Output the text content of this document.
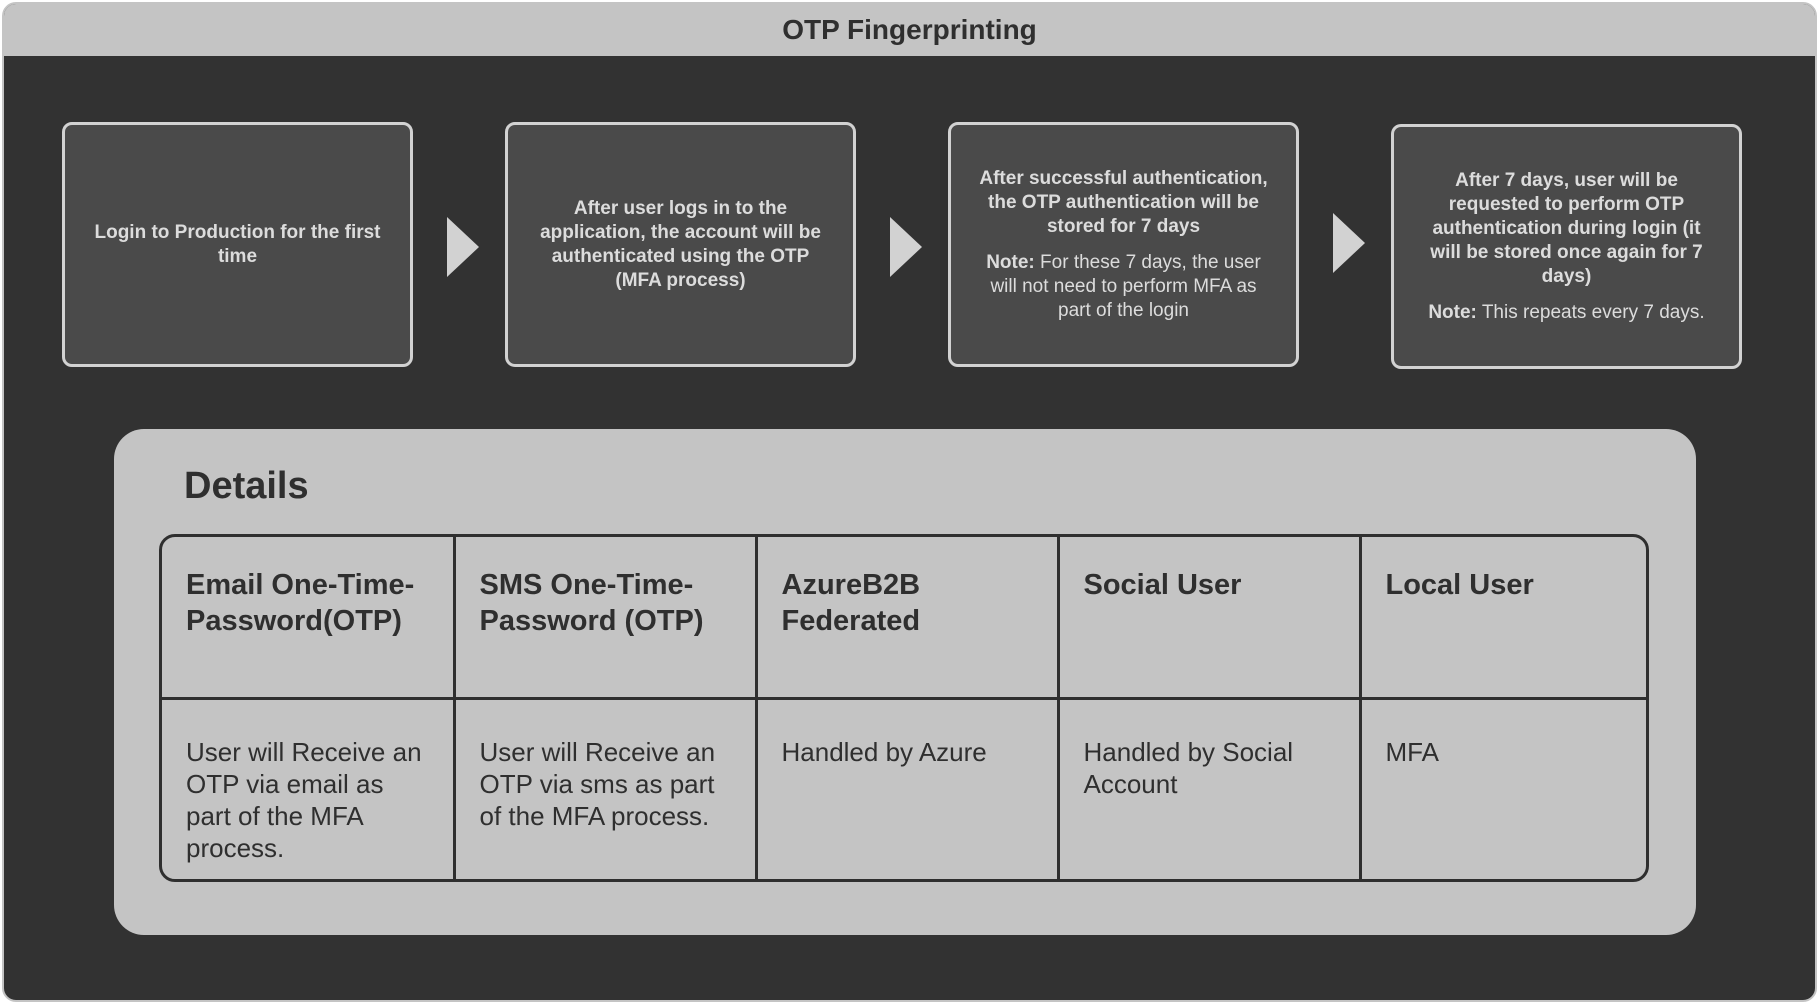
OTP Fingerprinting
Login to Production for the first time
After user logs in to the application, the account will be authenticated using the OTP (MFA process)
After successful authentication, the OTP authentication will be stored for 7 days
Note: For these 7 days, the user will not need to perform MFA as part of the login
After 7 days, user will be requested to perform OTP authentication during login (it will be stored once again for 7 days)
Note: This repeats every 7 days.
Details
Email One-Time-Password(OTP)	SMS One-Time-Password (OTP)	AzureB2B Federated	Social User	Local User
User will Receive an OTP via email as part of the MFA process.	User will Receive an OTP via sms as part of the MFA process.	Handled by Azure	Handled by Social Account	MFA
